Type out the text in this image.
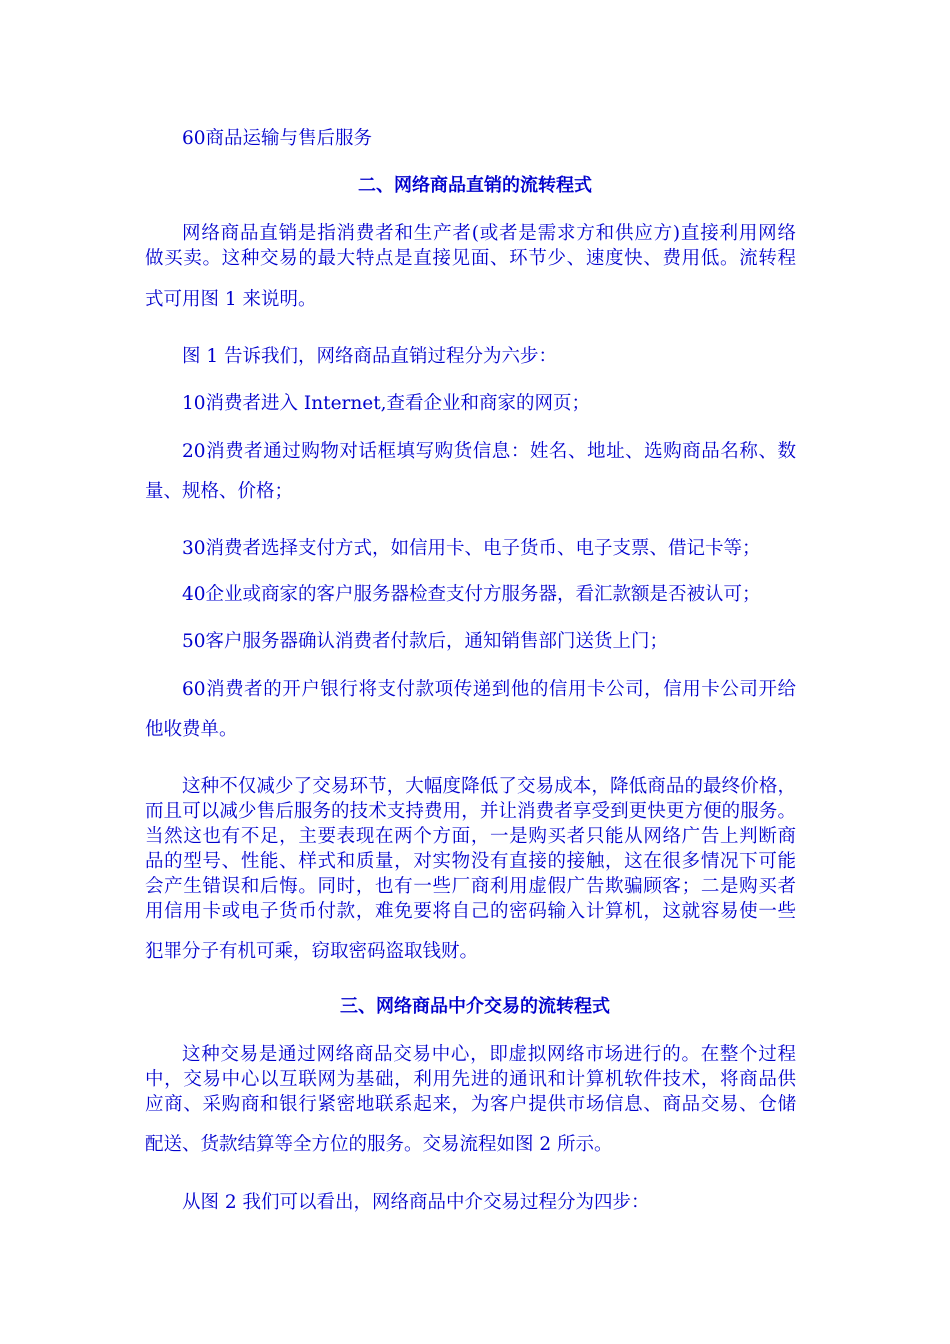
60商品运输与售后服务
二、网络商品直销的流转程式
网络商品直销是指消费者和生产者(或者是需求方和供应方)直接利用网络
做买卖。这种交易的最大特点是直接见面、环节少、速度快、费用低。流转程
式可用图 1 来说明。
图 1 告诉我们，网络商品直销过程分为六步：
10消费者进入 Internet,查看企业和商家的网页；
20消费者通过购物对话框填写购货信息：姓名、地址、选购商品名称、数
量、规格、价格；
30消费者选择支付方式，如信用卡、电子货币、电子支票、借记卡等；
40企业或商家的客户服务器检查支付方服务器，看汇款额是否被认可；
50客户服务器确认消费者付款后，通知销售部门送货上门；
60消费者的开户银行将支付款项传递到他的信用卡公司，信用卡公司开给
他收费单。
这种不仅减少了交易环节，大幅度降低了交易成本，降低商品的最终价格，
而且可以减少售后服务的技术支持费用，并让消费者享受到更快更方便的服务。
当然这也有不足，主要表现在两个方面，一是购买者只能从网络广告上判断商
品的型号、性能、样式和质量，对实物没有直接的接触，这在很多情况下可能
会产生错误和后悔。同时，也有一些厂商利用虚假广告欺骗顾客；二是购买者
用信用卡或电子货币付款，难免要将自己的密码输入计算机，这就容易使一些
犯罪分子有机可乘，窃取密码盗取钱财。
三、网络商品中介交易的流转程式
这种交易是通过网络商品交易中心，即虚拟网络市场进行的。在整个过程
中，交易中心以互联网为基础，利用先进的通讯和计算机软件技术，将商品供
应商、采购商和银行紧密地联系起来，为客户提供市场信息、商品交易、仓储
配送、货款结算等全方位的服务。交易流程如图 2 所示。
从图 2 我们可以看出，网络商品中介交易过程分为四步：
